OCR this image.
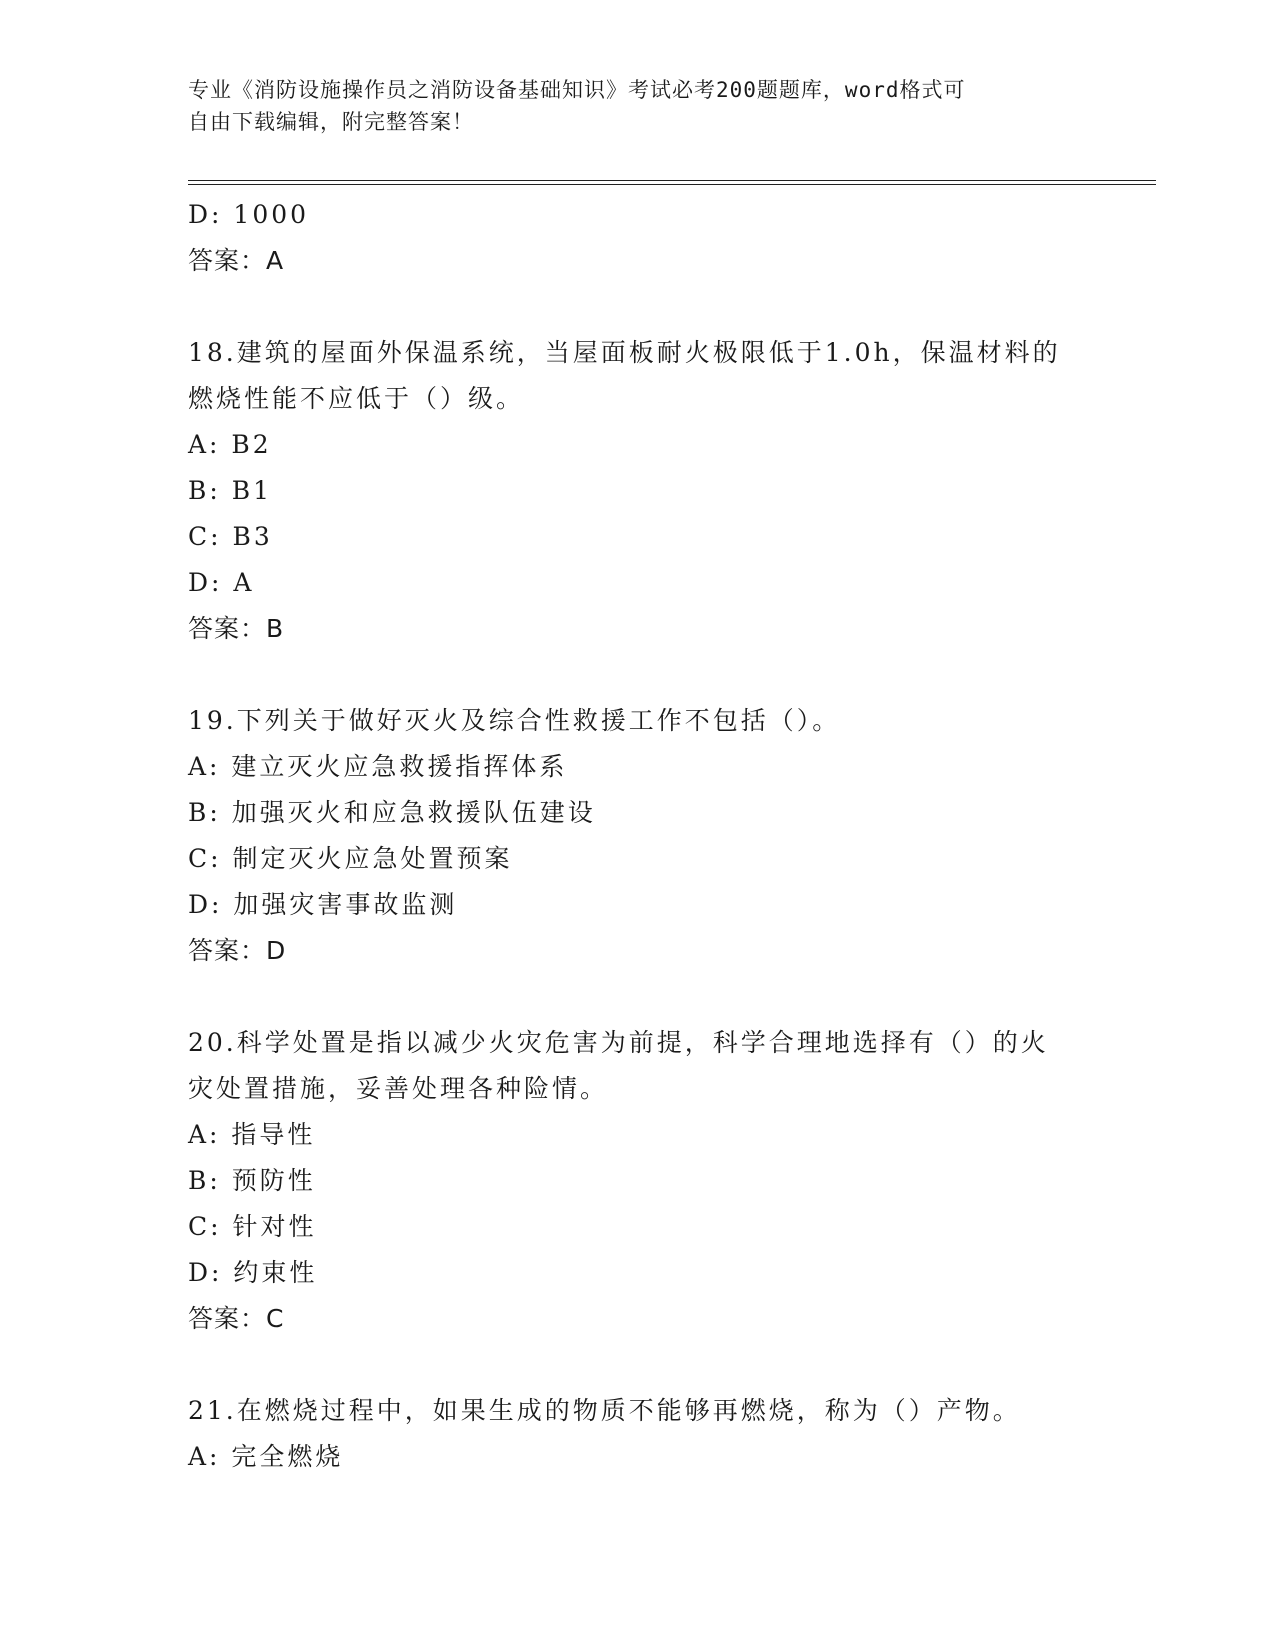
专业《消防设施操作员之消防设备基础知识》考试必考200题题库，word格式可
自由下载编辑，附完整答案！
D: 1000
答案：A
18.建筑的屋面外保温系统，当屋面板耐火极限低于1.0h，保温材料的
燃烧性能不应低于（）级。
A: B2
B: B1
C: B3
D: A
答案：B
19.下列关于做好灭火及综合性救援工作不包括（）。
A: 建立灭火应急救援指挥体系
B: 加强灭火和应急救援队伍建设
C: 制定灭火应急处置预案
D: 加强灾害事故监测
答案：D
20.科学处置是指以减少火灾危害为前提，科学合理地选择有（）的火
灾处置措施，妥善处理各种险情。
A: 指导性
B: 预防性
C: 针对性
D: 约束性
答案：C
21.在燃烧过程中，如果生成的物质不能够再燃烧，称为（）产物。
A: 完全燃烧
